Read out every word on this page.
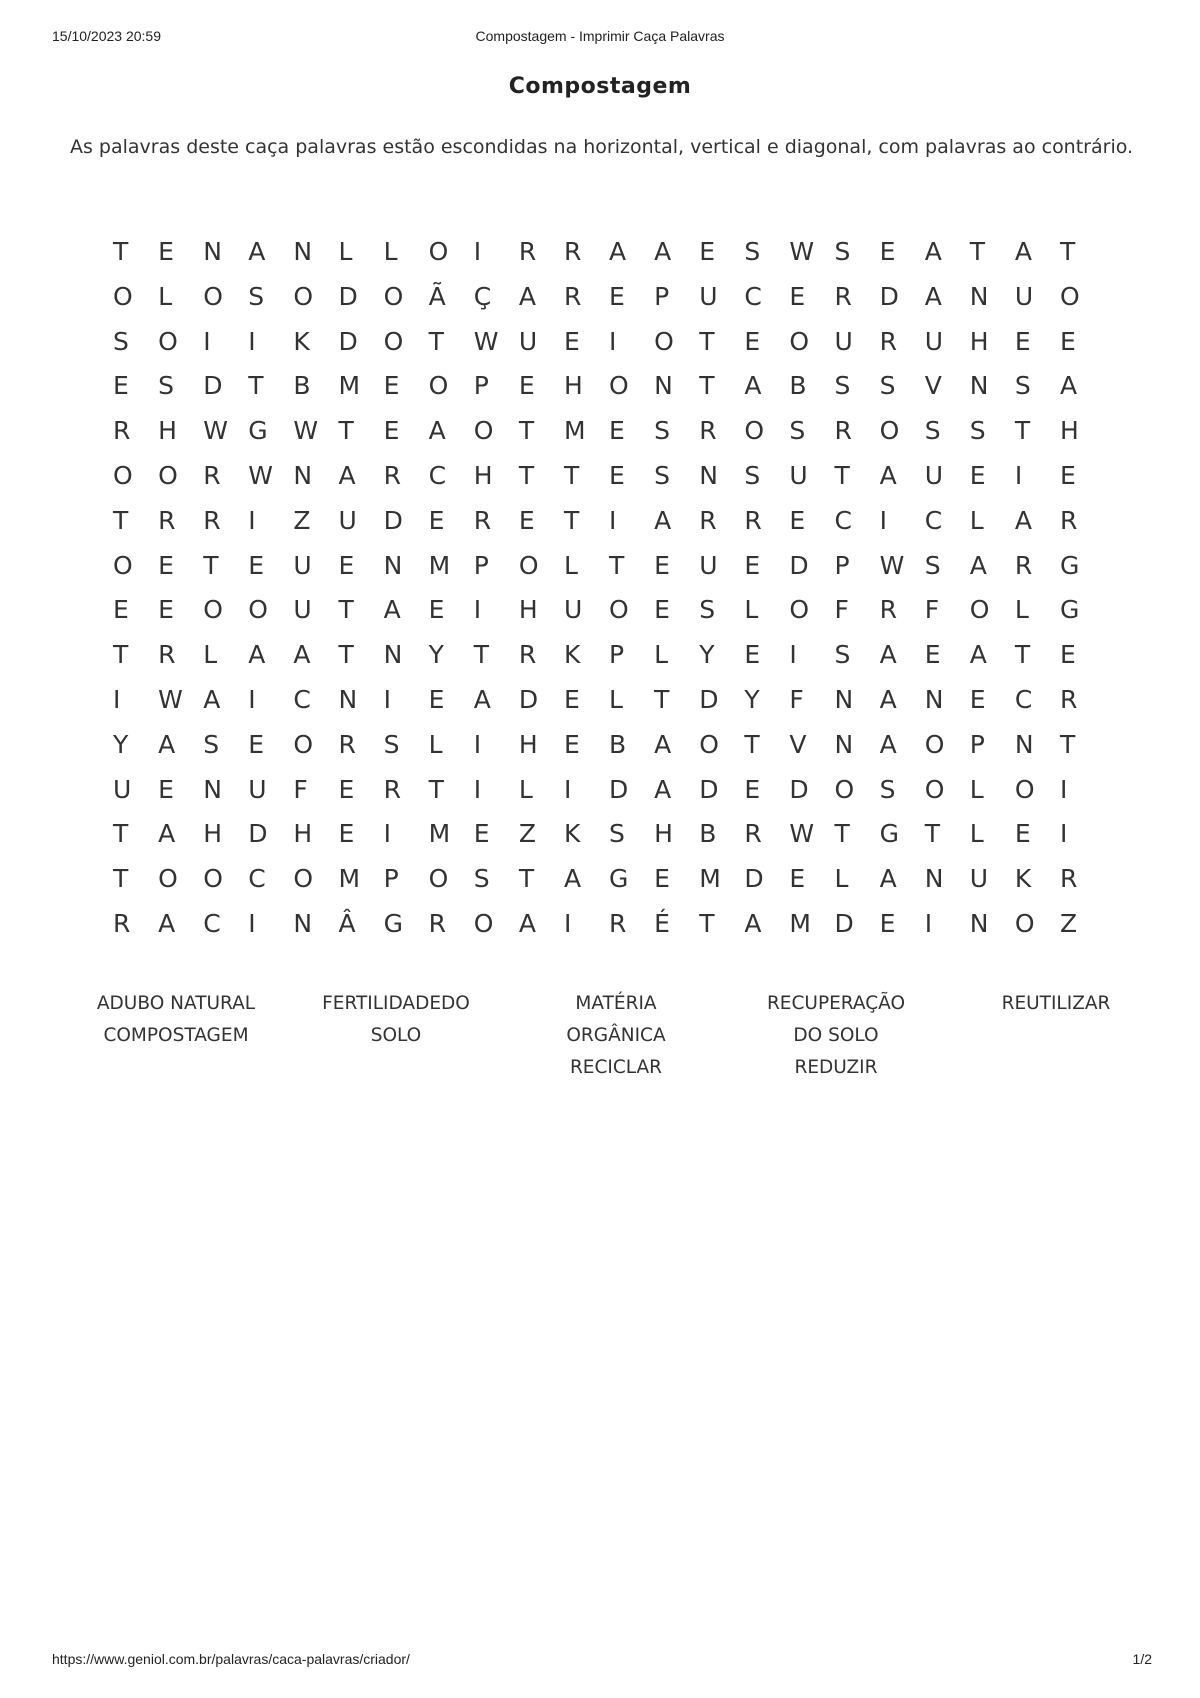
15/10/2023 20:59	Compostagem - Imprimir Caça Palavras
Compostagem

As palavras deste caça palavras estão escondidas na horizontal, vertical e diagonal, com palavras ao contrário.

T	E	N	A	N	L	L	O	I	R	R	A	A	E	S	W S	E	A	T	A	T
O	L	O	S	O	D	O	Ã	Ç	A	R	E	P	U	C	E	R	D	A	N	U	O
S	O	I	I	K	D	O	T	W U	E	I	O	T	E	O	U	R	U	H	E	E
E	S	D	T	B	M E	O	P	E	H	O	N	T	A	B	S	S	V	N	S	A
R	H	W G	W T	E	A	O	T	M E	S	R	O	S	R	O	S	S	T	H
O	O	R	W N	A	R	C	H	T	T	E	S	N	S	U	T	A	U	E	I	E
T	R	R	I	Z	U	D	E	R	E	T	I	A	R	R	E	C	I	C	L	A	R
O	E	T	E	U	E	N	M P	O	L	T	E	U	E	D	P	W S	A	R	G
E	E	O	O	U	T	A	E	I	H	U	O	E	S	L	O	F	R	F	O	L	G
T	R	L	A	A	T	N	Y	T	R	K	P	L	Y	E	I	S	A	E	A	T	E
I	W A	I	C	N	I	E	A	D	E	L	T	D	Y	F	N	A	N	E	C	R
Y	A	S	E	O	R	S	L	I	H	E	B	A	O	T	V	N	A	O	P	N	T
U	E	N	U	F	E	R	T	I	L	I	D	A	D	E	D	O	S	O	L	O	I
T	A	H	D	H	E	I	M E	Z	K	S	H	B	R	W T	G	T	L	E	I
T	O	O	C	O	M P	O	S	T	A	G	E	M D	E	L	A	N	U	K	R
R	A	C	I	N	Â	G	R	O	A	I	R	É	T	A	M D	E	I	N	O	Z
ADUBO NATURAL
COMPOSTAGEM
FERTILIDADEDO
SOLO
MATÉRIA
ORGÂNICA
RECICLAR
RECUPERAÇÃO
DO SOLO
REDUZIR
REUTILIZAR
https://www.geniol.com.br/palavras/caca-palavras/criador/	1/2
